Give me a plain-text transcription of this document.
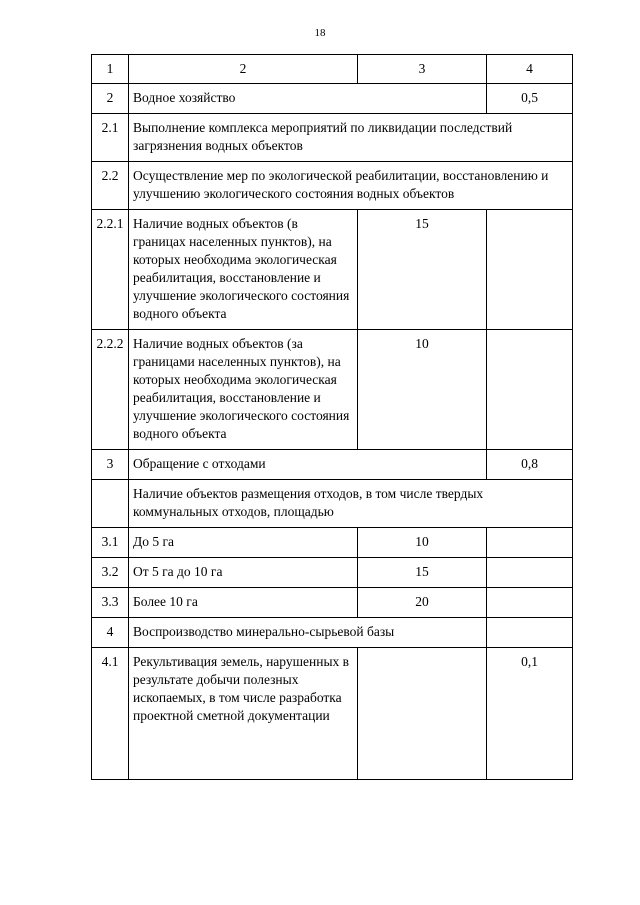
18
1	2	3	4
2	Водное хозяйство		0,5
2.1	Выполнение комплекса мероприятий по ликвидации последствий загрязнения водных объектов		
2.2	Осуществление мер по экологической реабилитации, восстановлению и улучшению экологического состояния водных объектов		
2.2.1	Наличие водных объектов (в границах населенных пунктов), на которых необходима экологическая реабилитация, восстановление и улучшение экологического состояния водного объекта	15	
2.2.2	Наличие водных объектов (за границами населенных пунктов), на которых необходима экологическая реабилитация, восстановление и улучшение экологического состояния водного объекта	10	
3	Обращение с отходами		0,8
	Наличие объектов размещения отходов, в том числе твердых коммунальных отходов, площадью		
3.1	До 5 га	10	
3.2	От 5 га до 10 га	15	
3.3	Более 10 га	20	
4	Воспроизводство минерально-сырьевой базы		
4.1	Рекультивация земель, нарушенных в результате добычи полезных ископаемых, в том числе разработка проектной сметной документации		0,1
